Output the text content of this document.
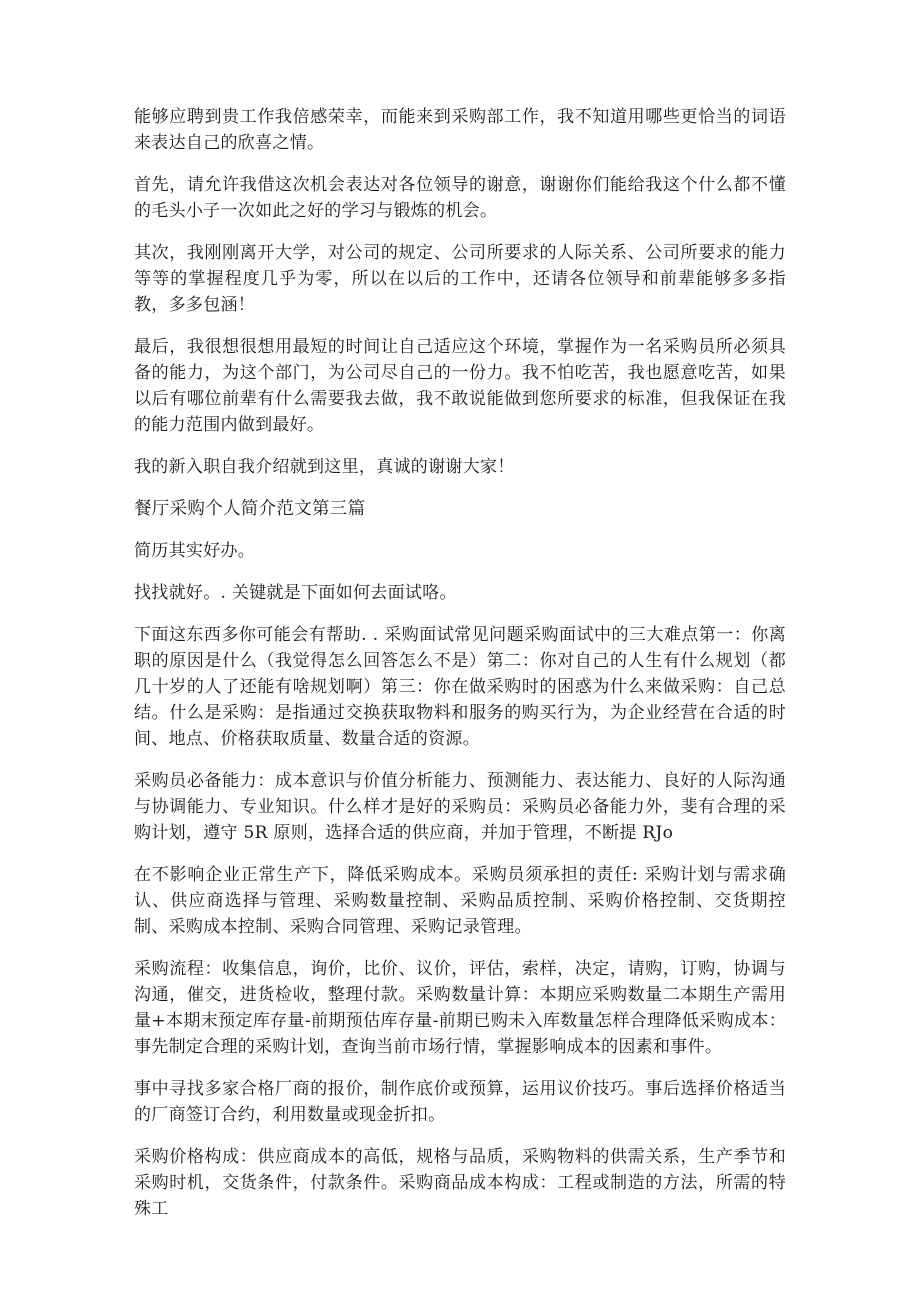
能够应聘到贵工作我倍感荣幸，而能来到采购部工作，我不知道用哪些更恰当的词语来表达自己的欣喜之情。

首先，请允许我借这次机会表达对各位领导的谢意，谢谢你们能给我这个什么都不懂的毛头小子一次如此之好的学习与锻炼的机会。

其次，我刚刚离开大学，对公司的规定、公司所要求的人际关系、公司所要求的能力等等的掌握程度几乎为零，所以在以后的工作中，还请各位领导和前辈能够多多指教，多多包涵！

最后，我很想很想用最短的时间让自己适应这个环境，掌握作为一名采购员所必须具备的能力，为这个部门，为公司尽自己的一份力。我不怕吃苦，我也愿意吃苦，如果以后有哪位前辈有什么需要我去做，我不敢说能做到您所要求的标准，但我保证在我的能力范围内做到最好。

我的新入职自我介绍就到这里，真诚的谢谢大家！

餐厅采购个人简介范文第三篇

简历其实好办。

找找就好。. 关键就是下面如何去面试咯。

下面这东西多你可能会有帮助. . 采购面试常见问题采购面试中的三大难点第一：你离职的原因是什么（我觉得怎么回答怎么不是）第二：你对自己的人生有什么规划（都几十岁的人了还能有啥规划啊）第三：你在做采购时的困惑为什么来做采购：自己总结。什么是采购：是指通过交换获取物料和服务的购买行为，为企业经营在合适的时间、地点、价格获取质量、数量合适的资源。

采购员必备能力：成本意识与价值分析能力、预测能力、表达能力、良好的人际沟通与协调能力、专业知识。什么样才是好的采购员：采购员必备能力外，斐有合理的采购计划，遵守 5R 原则，选择合适的供应商，并加于管理，不断提 RJo

在不影响企业正常生产下，降低采购成本。采购员须承担的责任: 采购计划与需求确认、供应商选择与管理、采购数量控制、采购品质控制、采购价格控制、交货期控制、采购成本控制、采购合同管理、采购记录管理。

采购流程：收集信息，询价，比价、议价，评估，索样，决定，请购，订购，协调与沟通，催交，进货检收，整理付款。采购数量计算：本期应采购数量二本期生产需用量+本期末预定库存量-前期预估库存量-前期已购未入库数量怎样合理降低采购成本：事先制定合理的采购计划，查询当前市场行情，掌握影响成本的因素和事件。

事中寻找多家合格厂商的报价，制作底价或预算，运用议价技巧。事后选择价格适当的厂商签订合约，利用数量或现金折扣。

采购价格构成：供应商成本的高低，规格与品质，采购物料的供需关系，生产季节和采购时机，交货条件，付款条件。采购商品成本构成：工程或制造的方法，所需的特殊工
